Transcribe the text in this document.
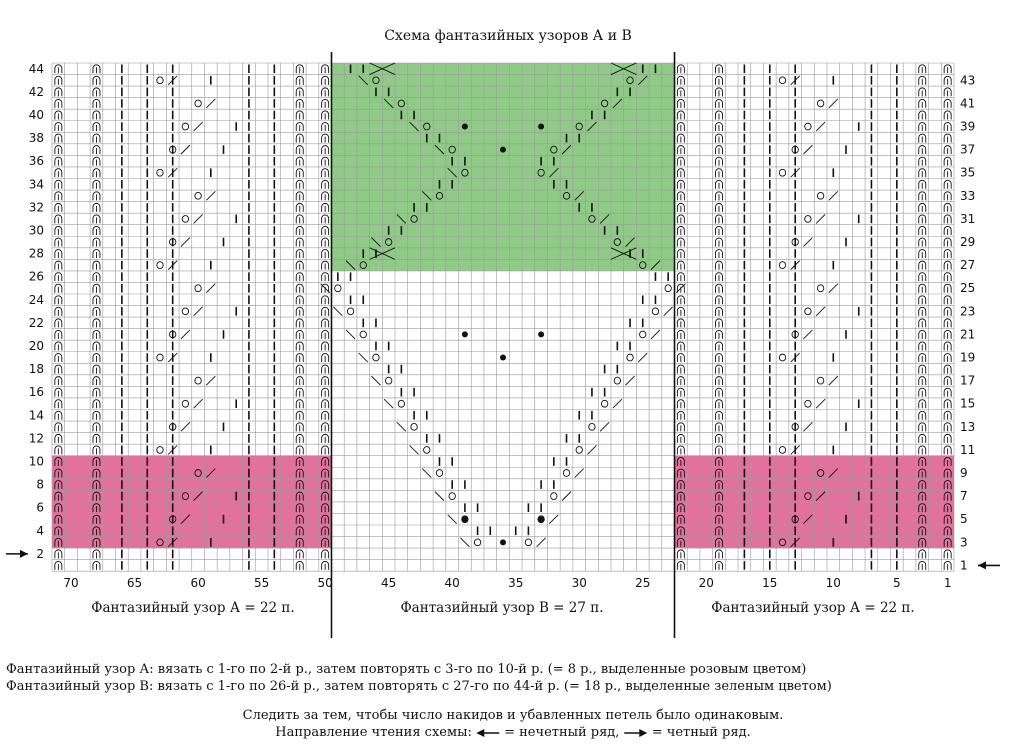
Схема фантазийных узоров А и В
44
42
40
38
36
34
32
30
28
26
24
22
20
18
16
14
12
10
8
6
4
2
43
41
39
37
35
33
31
29
27
25
23
21
19
17
15
13
11
9
7
5
3
1
70	65	60	55	50	45	40	35	30	25	20	15	10	5	1
Фантазийный узор А = 22 п.	Фантазийный узор В = 27 п.	Фантазийный узор А = 22 п.
Фантазийный узор А: вязать с 1-го по 2-й р., затем повторять с 3-го по 10-й р. (= 8 р., выделенные розовым цветом)
Фантазийный узор В: вязать с 1-го по 26-й р., затем повторять с 27-го по 44-й р. (= 18 р., выделенные зеленым цветом)
Следить за тем, чтобы число накидов и убавленных петель было одинаковым.
Направление чтения схемы: = нечетный ряд, = четный ряд.
